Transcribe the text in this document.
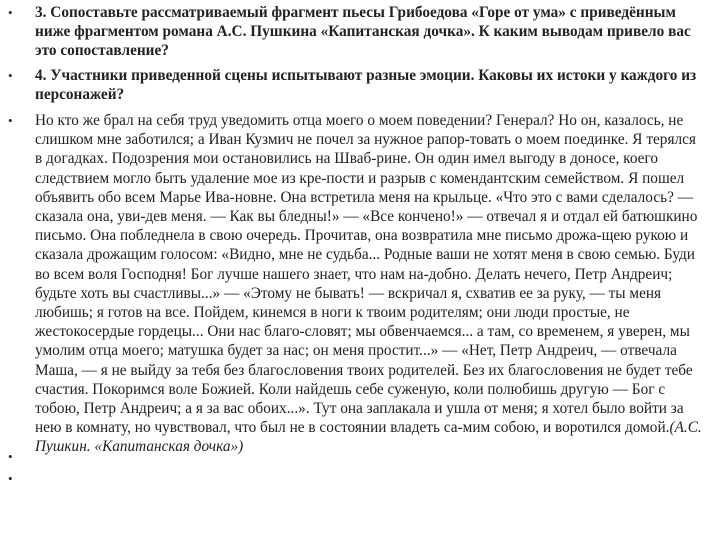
•	3. Сопоставьте рассматриваемый фрагмент пьесы Грибоедова «Горе от ума» с приведённым ниже фрагментом романа А.С. Пушкина «Капитанская дочка». К каким выводам привело вас это сопоставление?
•	4. Участники приведенной сцены испытывают разные эмоции. Каковы их истоки у каждого из персонажей?
•	Но кто же брал на себя труд уведомить отца моего о моем поведении? Генерал? Но он, казалось, не слишком мне заботился; а Иван Кузмич не почел за нужное рапор-товать о моем поединке. Я терялся в догадках. Подозрения мои остановились на Шваб-рине. Он один имел выгоду в доносе, коего следствием могло быть удаление мое из кре-пости и разрыв с комендантским семейством. Я пошел объявить обо всем Марье Ива-новне. Она встретила меня на крыльце. «Что это с вами сделалось? — сказала она, уви-дев меня. — Как вы бледны!» — «Все кончено!» — отвечал я и отдал ей батюшкино письмо. Она побледнела в свою очередь. Прочитав, она возвратила мне письмо дрожа-щею рукою и сказала дрожащим голосом: «Видно, мне не судьба... Родные ваши не хотят меня в свою семью. Буди во всем воля Господня! Бог лучше нашего знает, что нам на-добно. Делать нечего, Петр Андреич; будьте хоть вы счастливы...» — «Этому не бывать! — вскричал я, схватив ее за руку, — ты меня любишь; я готов на все. Пойдем, кинемся в ноги к твоим родителям; они люди простые, не жестокосердые гордецы... Они нас благо-словят; мы обвенчаемся... а там, со временем, я уверен, мы умолим отца моего; матушка будет за нас; он меня простит...» — «Нет, Петр Андреич, — отвечала Маша, — я не выйду за тебя без благословения твоих родителей. Без их благословения не будет тебе счастия. Покоримся воле Божией. Коли найдешь себе суженую, коли полюбишь другую — Бог с тобою, Петр Андреич; а я за вас обоих...». Тут она заплакала и ушла от меня; я хотел было войти за нею в комнату, но чувствовал, что был не в состоянии владеть са-мим собою, и воротился домой.(А.С. Пушкин. «Капитанская дочка»)
•
•
